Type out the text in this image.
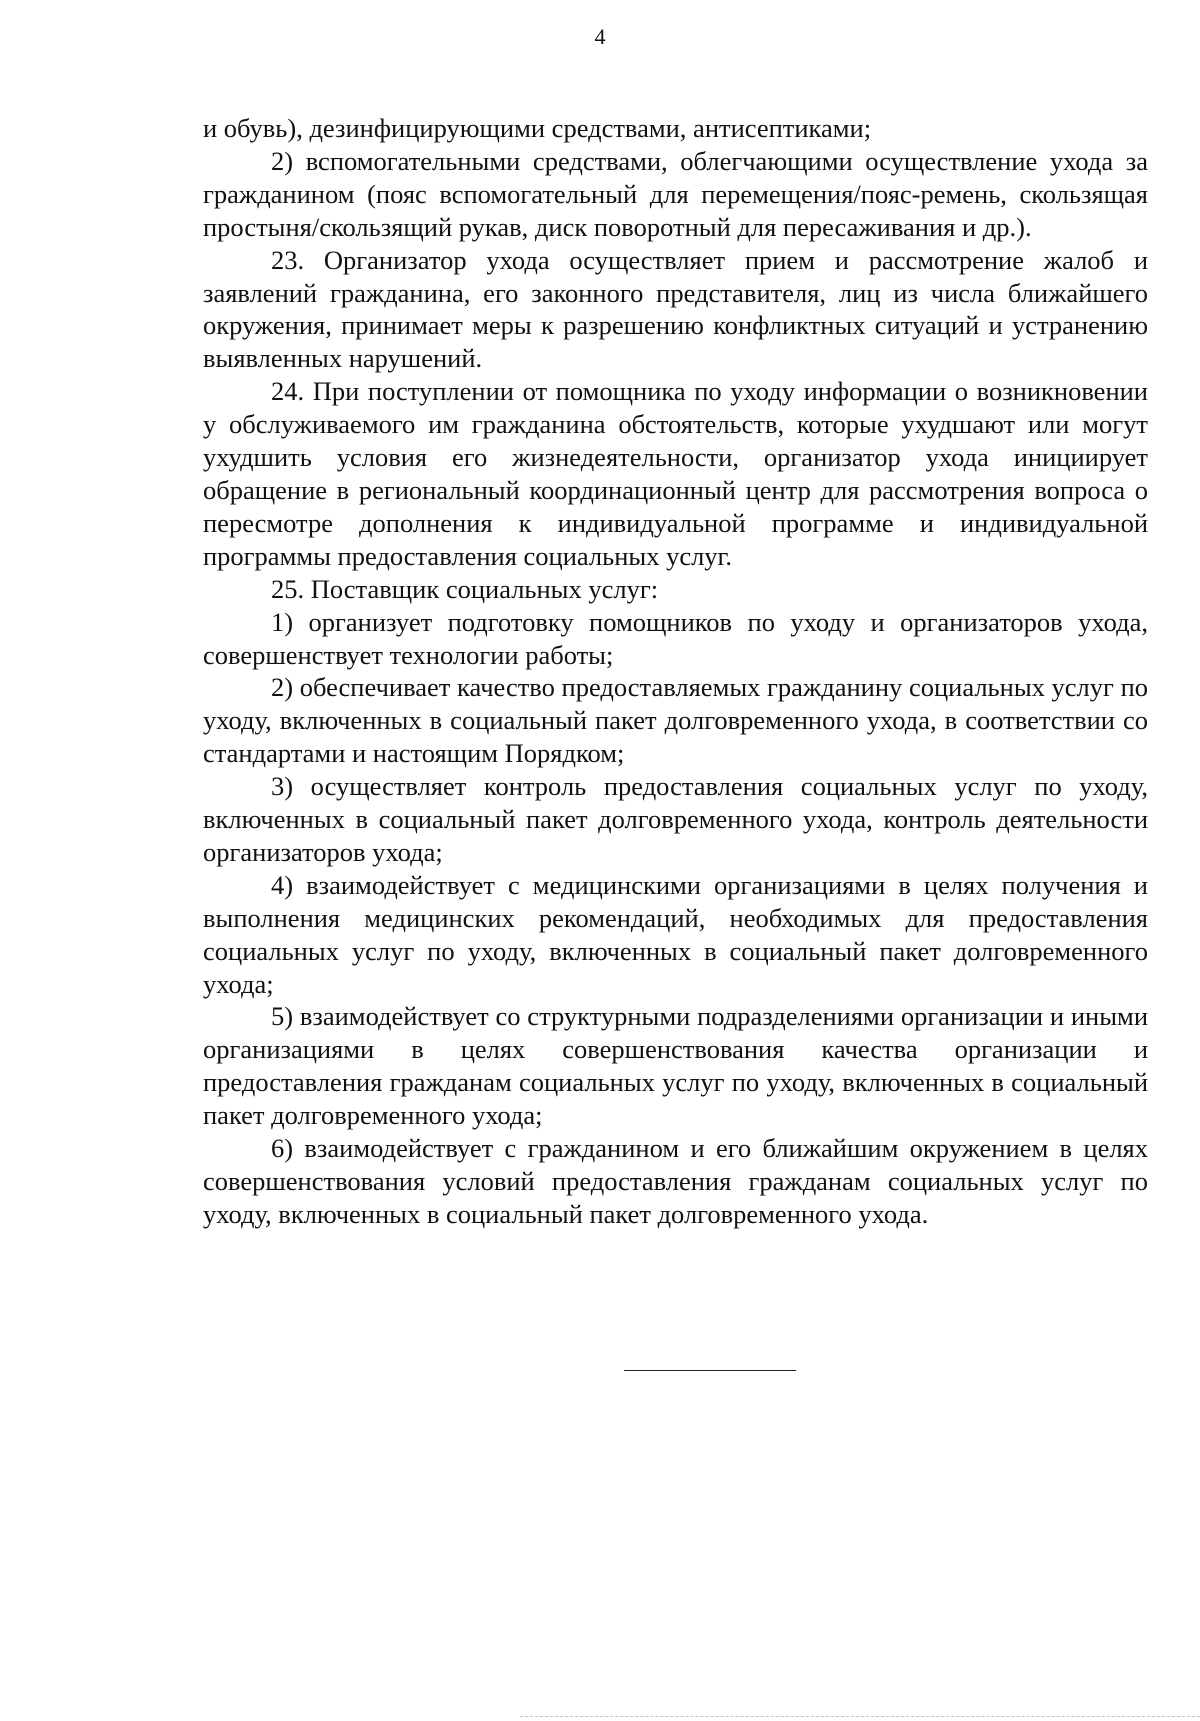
4

и обувь), дезинфицирующими средствами, антисептиками;

2) вспомогательными средствами, облегчающими осуществление ухода за гражданином (пояс вспомогательный для перемещения/пояс-ремень, скользящая простыня/скользящий рукав, диск поворотный для пересаживания и др.).

23. Организатор ухода осуществляет прием и рассмотрение жалоб и заявлений гражданина, его законного представителя, лиц из числа ближайшего окружения, принимает меры к разрешению конфликтных ситуаций и устранению выявленных нарушений.

24. При поступлении от помощника по уходу информации о возникновении у обслуживаемого им гражданина обстоятельств, которые ухудшают или могут ухудшить условия его жизнедеятельности, организатор ухода инициирует обращение в региональный координационный центр для рассмотрения вопроса о пересмотре дополнения к индивидуальной программе и индивидуальной программы предоставления социальных услуг.

25. Поставщик социальных услуг:

1) организует подготовку помощников по уходу и организаторов ухода, совершенствует технологии работы;

2) обеспечивает качество предоставляемых гражданину социальных услуг по уходу, включенных в социальный пакет долговременного ухода, в соответствии со стандартами и настоящим Порядком;

3) осуществляет контроль предоставления социальных услуг по уходу, включенных в социальный пакет долговременного ухода, контроль деятельности организаторов ухода;

4) взаимодействует с медицинскими организациями в целях получения и выполнения медицинских рекомендаций, необходимых для предоставления социальных услуг по уходу, включенных в социальный пакет долговременного ухода;

5) взаимодействует со структурными подразделениями организации и иными организациями в целях совершенствования качества организации и предоставления гражданам социальных услуг по уходу, включенных в социальный пакет долговременного ухода;

6) взаимодействует с гражданином и его ближайшим окружением в целях совершенствования условий предоставления гражданам социальных услуг по уходу, включенных в социальный пакет долговременного ухода.
